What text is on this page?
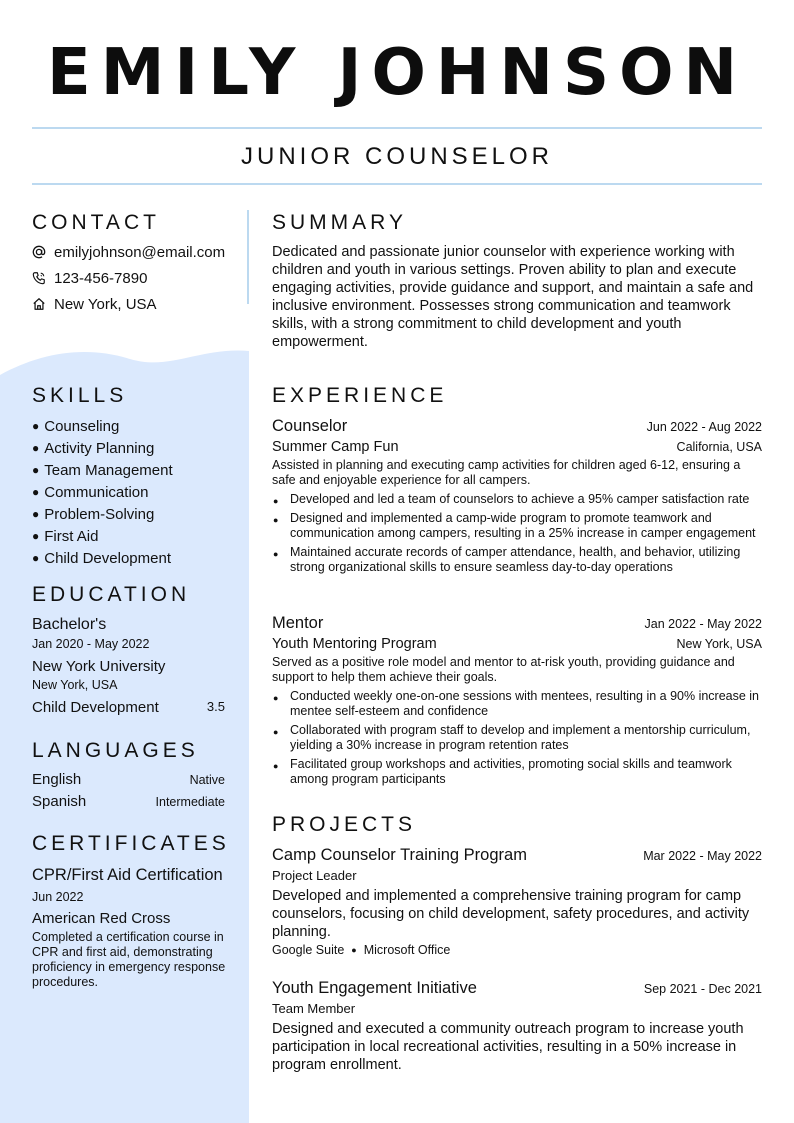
EMILY JOHNSON
JUNIOR COUNSELOR
CONTACT
emilyjohnson@email.com
123-456-7890
New York, USA
SKILLS
● Counseling
● Activity Planning
● Team Management
● Communication
● Problem-Solving
● First Aid
● Child Development
EDUCATION
Bachelor's
Jan 2020 - May 2022
New York University
New York, USA
Child Development	3.5
LANGUAGES
English	Native
Spanish	Intermediate
CERTIFICATES
CPR/First Aid Certification
Jun 2022
American Red Cross
Completed a certification course in CPR and first aid, demonstrating proficiency in emergency response procedures.
SUMMARY
Dedicated and passionate junior counselor with experience working with children and youth in various settings. Proven ability to plan and execute engaging activities, provide guidance and support, and maintain a safe and inclusive environment. Possesses strong communication and teamwork skills, with a strong commitment to child development and youth empowerment.
EXPERIENCE
Counselor	Jun 2022 - Aug 2022
Summer Camp Fun	California, USA
Assisted in planning and executing camp activities for children aged 6-12, ensuring a safe and enjoyable experience for all campers.
● Developed and led a team of counselors to achieve a 95% camper satisfaction rate
● Designed and implemented a camp-wide program to promote teamwork and communication among campers, resulting in a 25% increase in camper engagement
● Maintained accurate records of camper attendance, health, and behavior, utilizing strong organizational skills to ensure seamless day-to-day operations
Mentor	Jan 2022 - May 2022
Youth Mentoring Program	New York, USA
Served as a positive role model and mentor to at-risk youth, providing guidance and support to help them achieve their goals.
● Conducted weekly one-on-one sessions with mentees, resulting in a 90% increase in mentee self-esteem and confidence
● Collaborated with program staff to develop and implement a mentorship curriculum, yielding a 30% increase in program retention rates
● Facilitated group workshops and activities, promoting social skills and teamwork among program participants
PROJECTS
Camp Counselor Training Program	Mar 2022 - May 2022
Project Leader
Developed and implemented a comprehensive training program for camp counselors, focusing on child development, safety procedures, and activity planning.
Google Suite ● Microsoft Office
Youth Engagement Initiative	Sep 2021 - Dec 2021
Team Member
Designed and executed a community outreach program to increase youth participation in local recreational activities, resulting in a 50% increase in program enrollment.
